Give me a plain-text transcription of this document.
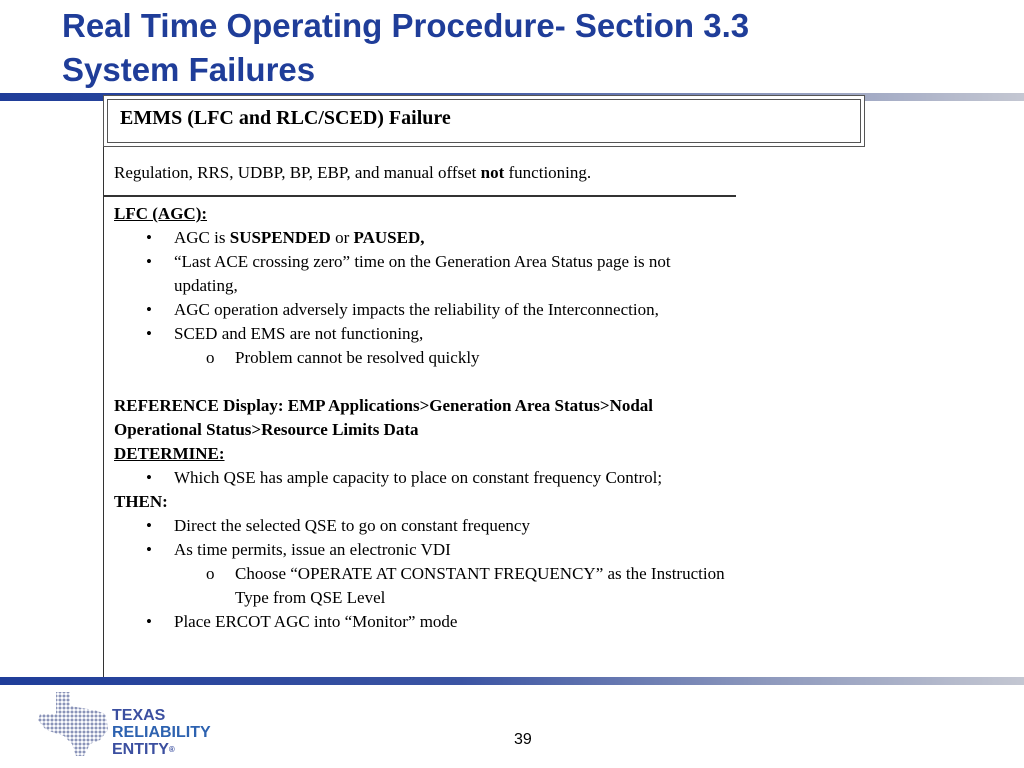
Real Time Operating Procedure- Section 3.3
System Failures
EMMS (LFC and RLC/SCED) Failure
Regulation, RRS, UDBP, BP, EBP, and manual offset not functioning.
LFC (AGC):
• AGC is SUSPENDED or PAUSED,
• “Last ACE crossing zero” time on the Generation Area Status page is not updating,
• AGC operation adversely impacts the reliability of the Interconnection,
• SCED and EMS are not functioning,
o Problem cannot be resolved quickly
REFERENCE Display: EMP Applications>Generation Area Status>Nodal Operational Status>Resource Limits Data
DETERMINE:
• Which QSE has ample capacity to place on constant frequency Control;
THEN:
• Direct the selected QSE to go on constant frequency
• As time permits, issue an electronic VDI
o Choose “OPERATE AT CONSTANT FREQUENCY” as the Instruction Type from QSE Level
• Place ERCOT AGC into “Monitor” mode
TEXAS
RELIABILITY
ENTITY®
39
